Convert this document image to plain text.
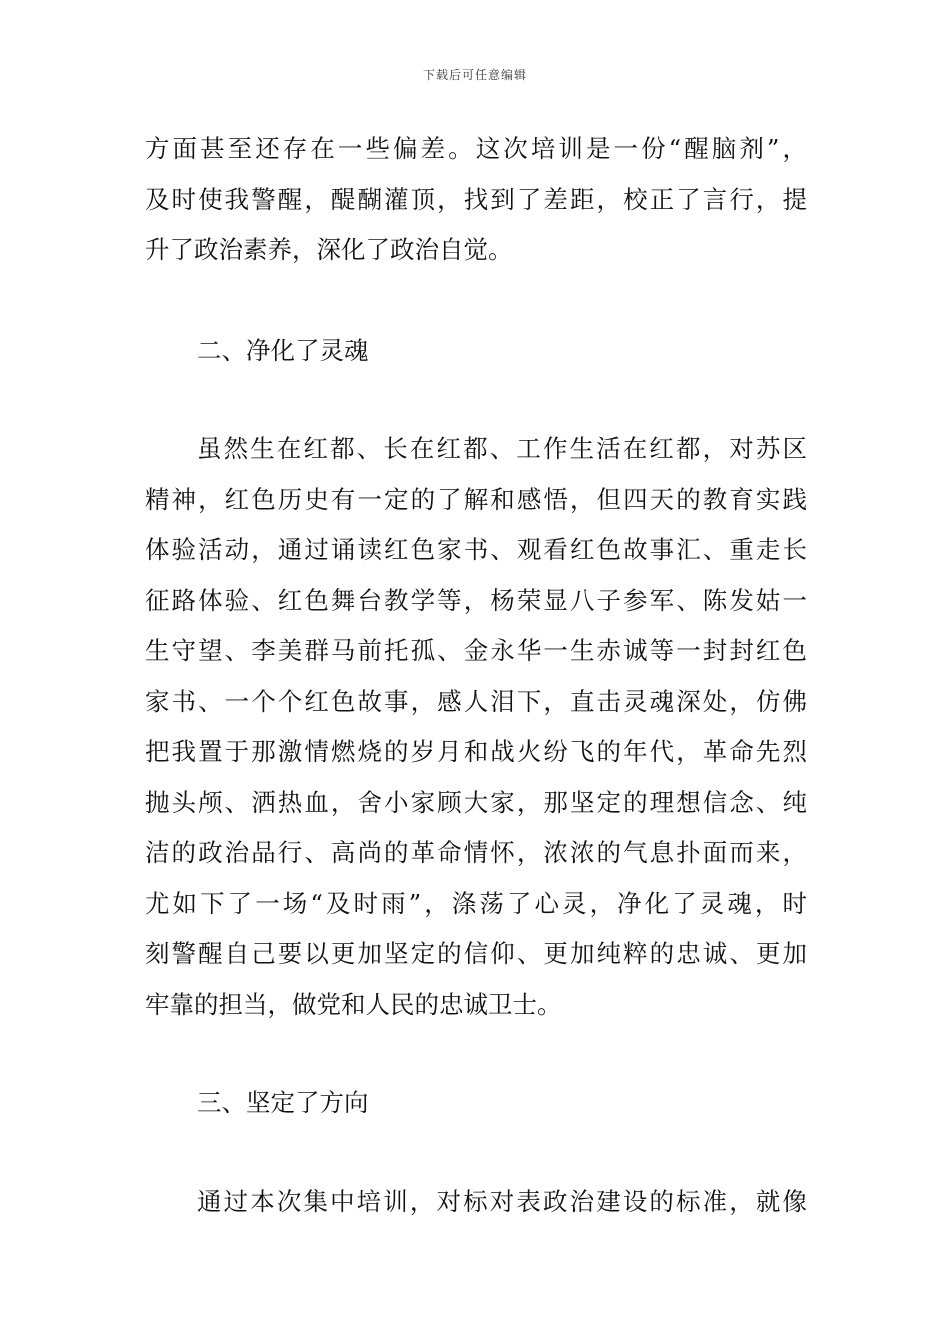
下载后可任意编辑
方面甚至还存在一些偏差。这次培训是一份“醒脑剂”，
及时使我警醒，醍醐灌顶，找到了差距，校正了言行，提
升了政治素养，深化了政治自觉。
二、净化了灵魂
虽然生在红都、长在红都、工作生活在红都，对苏区
精神，红色历史有一定的了解和感悟，但四天的教育实践
体验活动，通过诵读红色家书、观看红色故事汇、重走长
征路体验、红色舞台教学等，杨荣显八子参军、陈发姑一
生守望、李美群马前托孤、金永华一生赤诚等一封封红色
家书、一个个红色故事，感人泪下，直击灵魂深处，仿佛
把我置于那激情燃烧的岁月和战火纷飞的年代，革命先烈
抛头颅、洒热血，舍小家顾大家，那坚定的理想信念、纯
洁的政治品行、高尚的革命情怀，浓浓的气息扑面而来，
尤如下了一场“及时雨”，涤荡了心灵，净化了灵魂，时
刻警醒自己要以更加坚定的信仰、更加纯粹的忠诚、更加
牢靠的担当，做党和人民的忠诚卫士。
三、坚定了方向
通过本次集中培训，对标对表政治建设的标准，就像
